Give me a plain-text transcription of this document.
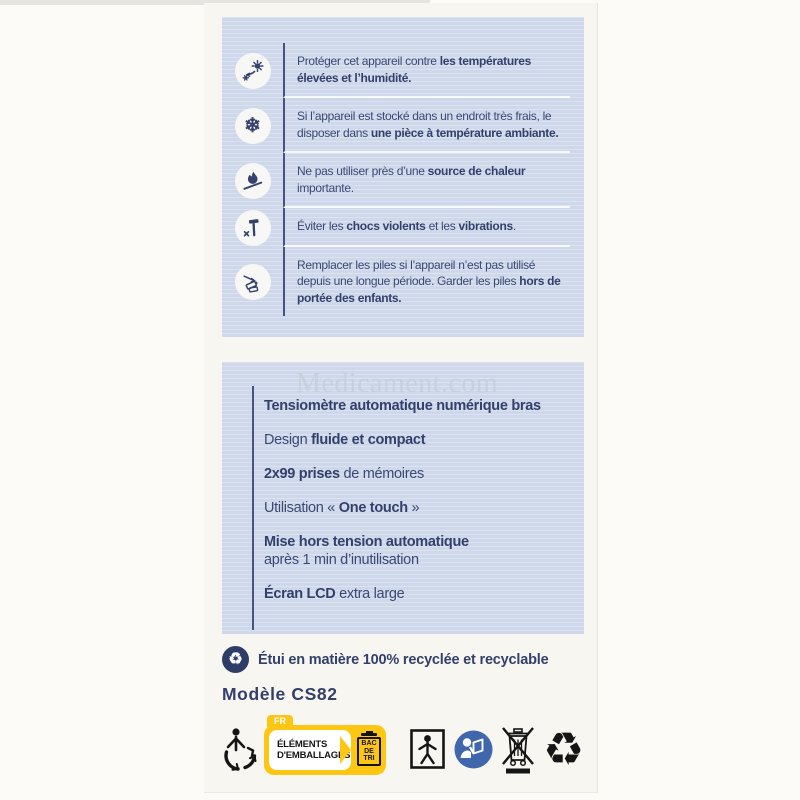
Medicament.com
Protéger cet appareil contre les températures élevées et l’humidité.
❄	Si l’appareil est stocké dans un endroit très frais, le disposer dans une pièce à température ambiante.
Ne pas utiliser près d’une source de chaleur importante.
Éviter les chocs violents et les vibrations.
Remplacer les piles si l’appareil n’est pas utilisé depuis une longue période. Garder les piles hors de portée des enfants.
Tensiomètre automatique numérique bras
Design fluide et compact
2x99 prises de mémoires
Utilisation « One touch »
Mise hors tension automatique
après 1 min d’inutilisation
Écran LCD extra large
♻ Étui en matière 100% recyclée et recyclable
Modèle CS82
FR
ÉLÉMENTS
D'EMBALLAGES
BAC
DE
TRI	♻
